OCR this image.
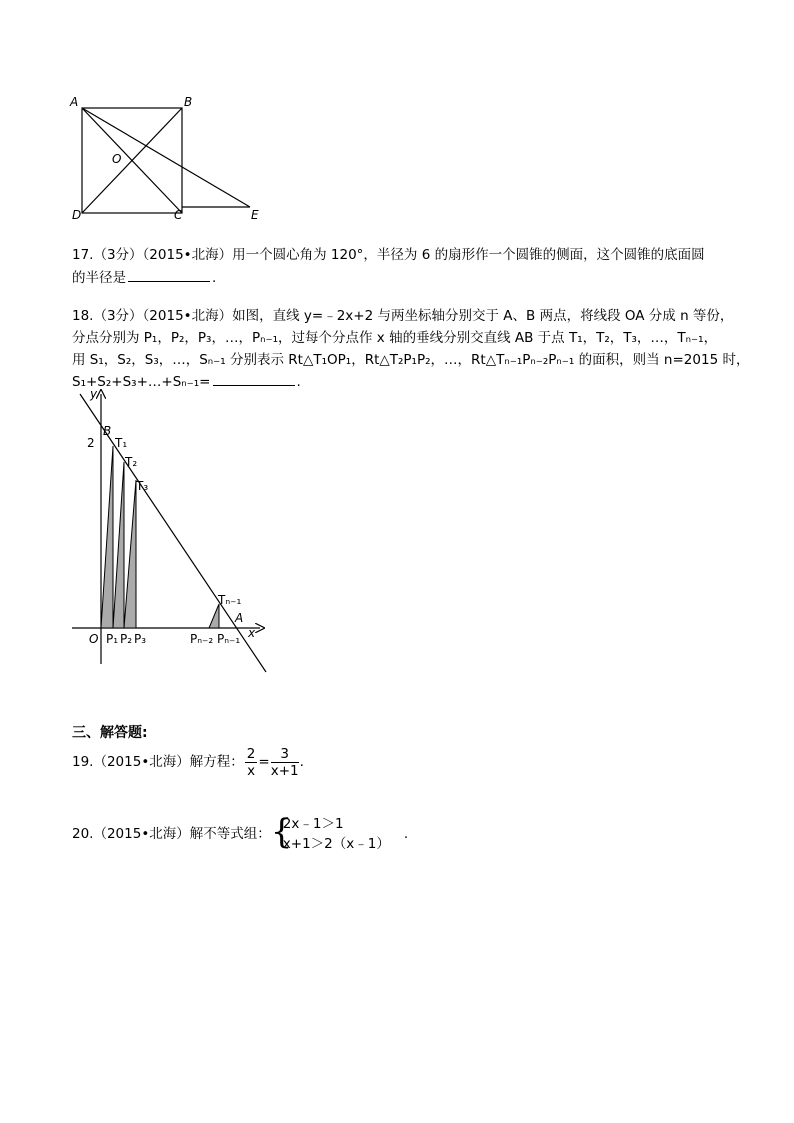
A	B
O
D	C	E
17.（3分）（2015•北海）用一个圆心角为 120°，半径为 6 的扇形作一个圆锥的侧面，这个圆锥的底面圆
的半径是	.
18.（3分）（2015•北海）如图，直线 y=﹣2x+2 与两坐标轴分别交于 A、B 两点，将线段 OA 分成 n 等份，
分点分别为 P₁，P₂，P₃，…，Pₙ₋₁，过每个分点作 x 轴的垂线分别交直线 AB 于点 T₁，T₂，T₃，…，Tₙ₋₁，
用 S₁，S₂，S₃，…，Sₙ₋₁ 分别表示 Rt△T₁OP₁，Rt△T₂P₁P₂，…，Rt△Tₙ₋₁Pₙ₋₂Pₙ₋₁ 的面积，则当 n=2015 时，
S₁+S₂+S₃+…+Sₙ₋₁=	.
y
x
2
B
T₁
T₂
T₃
Tₙ₋₁
A
O P₁ P₂ P₃	Pₙ₋₂ Pₙ₋₁
三、解答题:
19.（2015•北海）解方程： $\frac{2}{x} = \frac{3}{x+1}$ .
20.（2015•北海）解不等式组： {
2x﹣1＞1
x+1＞2（x﹣1）
.
